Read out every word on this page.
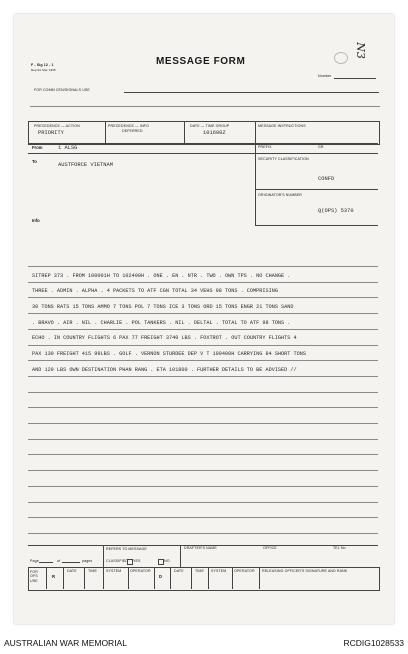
F - Sig 12 - 1
Reprint Mar 1965
MESSAGE FORM
Number
N3
FOR COMM CEN/SIGNALS USE
PRECEDENCE — ACTION
PRIORITY
PRECEDENCE — INFO
DEFERRED
DATE — TIME GROUP
101600Z
MESSAGE INSTRUCTIONS
From	1 ALSG
To
AUSTFORCE VIETNAM
Info
PREFIX	GR
SECURITY CLASSIFICATION
CONFD
ORIGINATOR'S NUMBER
Q(OPS) 5370
SITREP 373 . FROM 100001H TO 102400H . ONE . EN . NTR . TWO . OWN TPS . NO CHANGE .
THREE . ADMIN . ALPHA . 4 PACKETS TO ATF CGN TOTAL 34 VEHS 98 TONS . COMPRISING
30 TONS RATS 15 TONS AMMO 7 TONS POL 7 TONS ICE 3 TONS ORD 15 TONS ENGR 21 TONS SAND
. BRAVO . AIR . NIL . CHARLIE . POL TANKERS . NIL . DELTAL . TOTAL TO ATF 98 TONS .
ECHO . IN COUNTRY FLIGHTS 6 PAX 77 FREIGHT 3740 LBS . FOXTROT . OUT COUNTRY FLIGHTS 4
PAX 130 FREIGHT 415 99LBS . GOLF . VERNON STURDEE DEP V T 100400H CARRYING 84 SHORT TONS
AND 129 LBS OWN DESTINATION PHAN RANG . ETA 101800 . FURTHER DETAILS TO BE ADVISED //
REFERS TO MESSAGE	DRAFTER'S NAME	OFFICE	TEL No
Page	of	pages	CLASSIFIED YES	NO
FOR OFS USE
R
DATE	TIME	SYSTEM OPERATOR
D
DATE	TIME SYSTEM OPERATOR RELEASING OFFICER'S SIGNATURE AND RANK
AUSTRALIAN WAR MEMORIAL	RCDIG1028533
